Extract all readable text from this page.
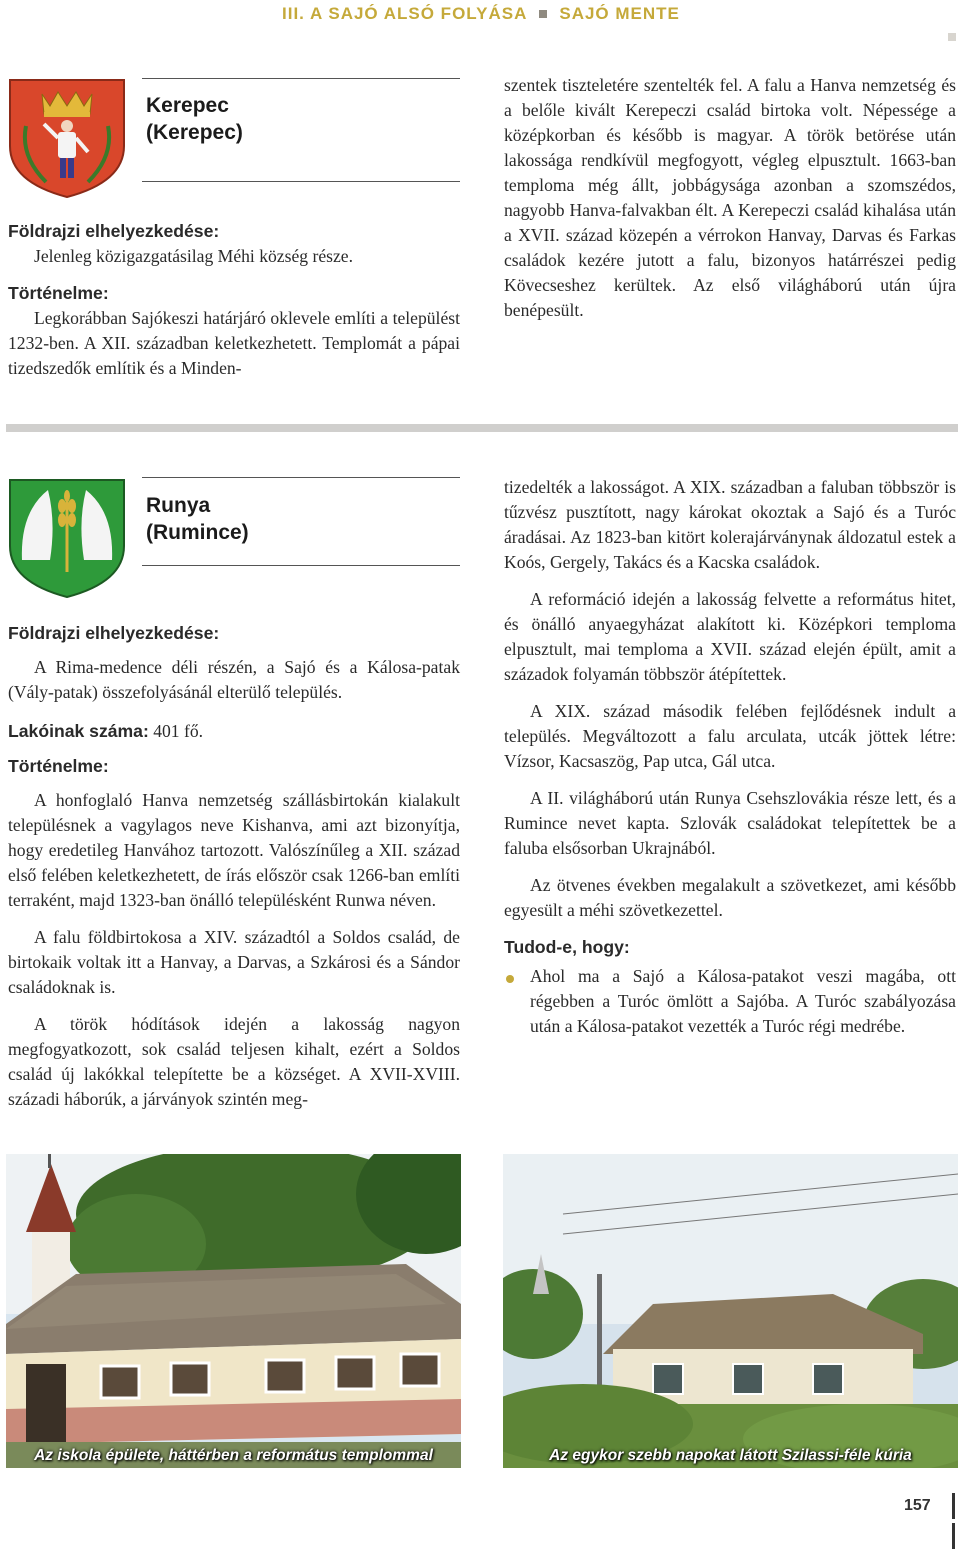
III. A SAJÓ ALSÓ FOLYÁSA SAJÓ MENTE
Kerepec
(Kerepec)

Földrajzi elhelyezkedése:

Jelenleg közigazgatásilag Méhi község része.

Történelme:

Legkorábban Sajókeszi határjáró oklevele említi a települést 1232-ben. A XII. században keletkezhetett. Templomát a pápai tizedszedők említik és a Minden-

szentek tiszteletére szentelték fel. A falu a Hanva nemzetség és a belőle kivált Kerepeczi család birtoka volt. Népessége a középkorban és később is magyar. A török betörése után lakossága rendkívül megfogyott, végleg elpusztult. 1663-ban temploma még állt, jobbágysága azonban a szomszédos, nagyobb Hanva-falvakban élt. A Kerepeczi család kihalása után a XVII. század közepén a vérrokon Hanvay, Darvas és Farkas családok kezére jutott a falu, bizonyos határrészei pedig Kövecseshez kerültek. Az első világháború után újra benépesült.

Runya
(Rumince)

Földrajzi elhelyezkedése:

A Rima-medence déli részén, a Sajó és a Kálosa-patak (Vály-patak) összefolyásánál elterülő település.

Lakóinak száma: 401 fő.

Történelme:

A honfoglaló Hanva nemzetség szállásbirtokán kialakult településnek a vagylagos neve Kishanva, ami azt bizonyítja, hogy eredetileg Hanvához tartozott. Valószínűleg a XII. század első felében keletkezhetett, de írás először csak 1266-ban említi terraként, majd 1323-ban önálló településként Runwa néven.

A falu földbirtokosa a XIV. századtól a Soldos család, de birtokaik voltak itt a Hanvay, a Darvas, a Szkárosi és a Sándor családoknak is.

A török hódítások idején a lakosság nagyon megfogyatkozott, sok család teljesen kihalt, ezért a Soldos család új lakókkal telepítette be a községet. A XVII-XVIII. századi háborúk, a járványok szintén meg-

tizedelték a lakosságot. A XIX. században a faluban többször is tűzvész pusztított, nagy károkat okoztak a Sajó és a Turóc áradásai. Az 1823-ban kitört kolerajárványnak áldozatul estek a Koós, Gergely, Takács és a Kacska családok.

A reformáció idején a lakosság felvette a református hitet, és önálló anyaegyházat alakított ki. Középkori temploma elpusztult, mai temploma a XVII. század elején épült, amit a századok folyamán többször átépítettek.

A XIX. század második felében fejlődésnek indult a település. Megváltozott a falu arculata, utcák jöttek létre: Vízsor, Kacsaszög, Pap utca, Gál utca.

A II. világháború után Runya Csehszlovákia része lett, és a Rumince nevet kapta. Szlovák családokat telepítettek be a faluba elsősorban Ukrajnából.

Az ötvenes években megalakult a szövetkezet, ami később egyesült a méhi szövetkezettel.

Tudod-e, hogy:

Ahol ma a Sajó a Kálosa-patakot veszi magába, ott régebben a Turóc ömlött a Sajóba. A Turóc szabályozása után a Kálosa-patakot vezették a Turóc régi medrébe.

Az iskola épülete, háttérben a református templommal	Az egykor szebb napokat látott Szilassi-féle kúria
157
